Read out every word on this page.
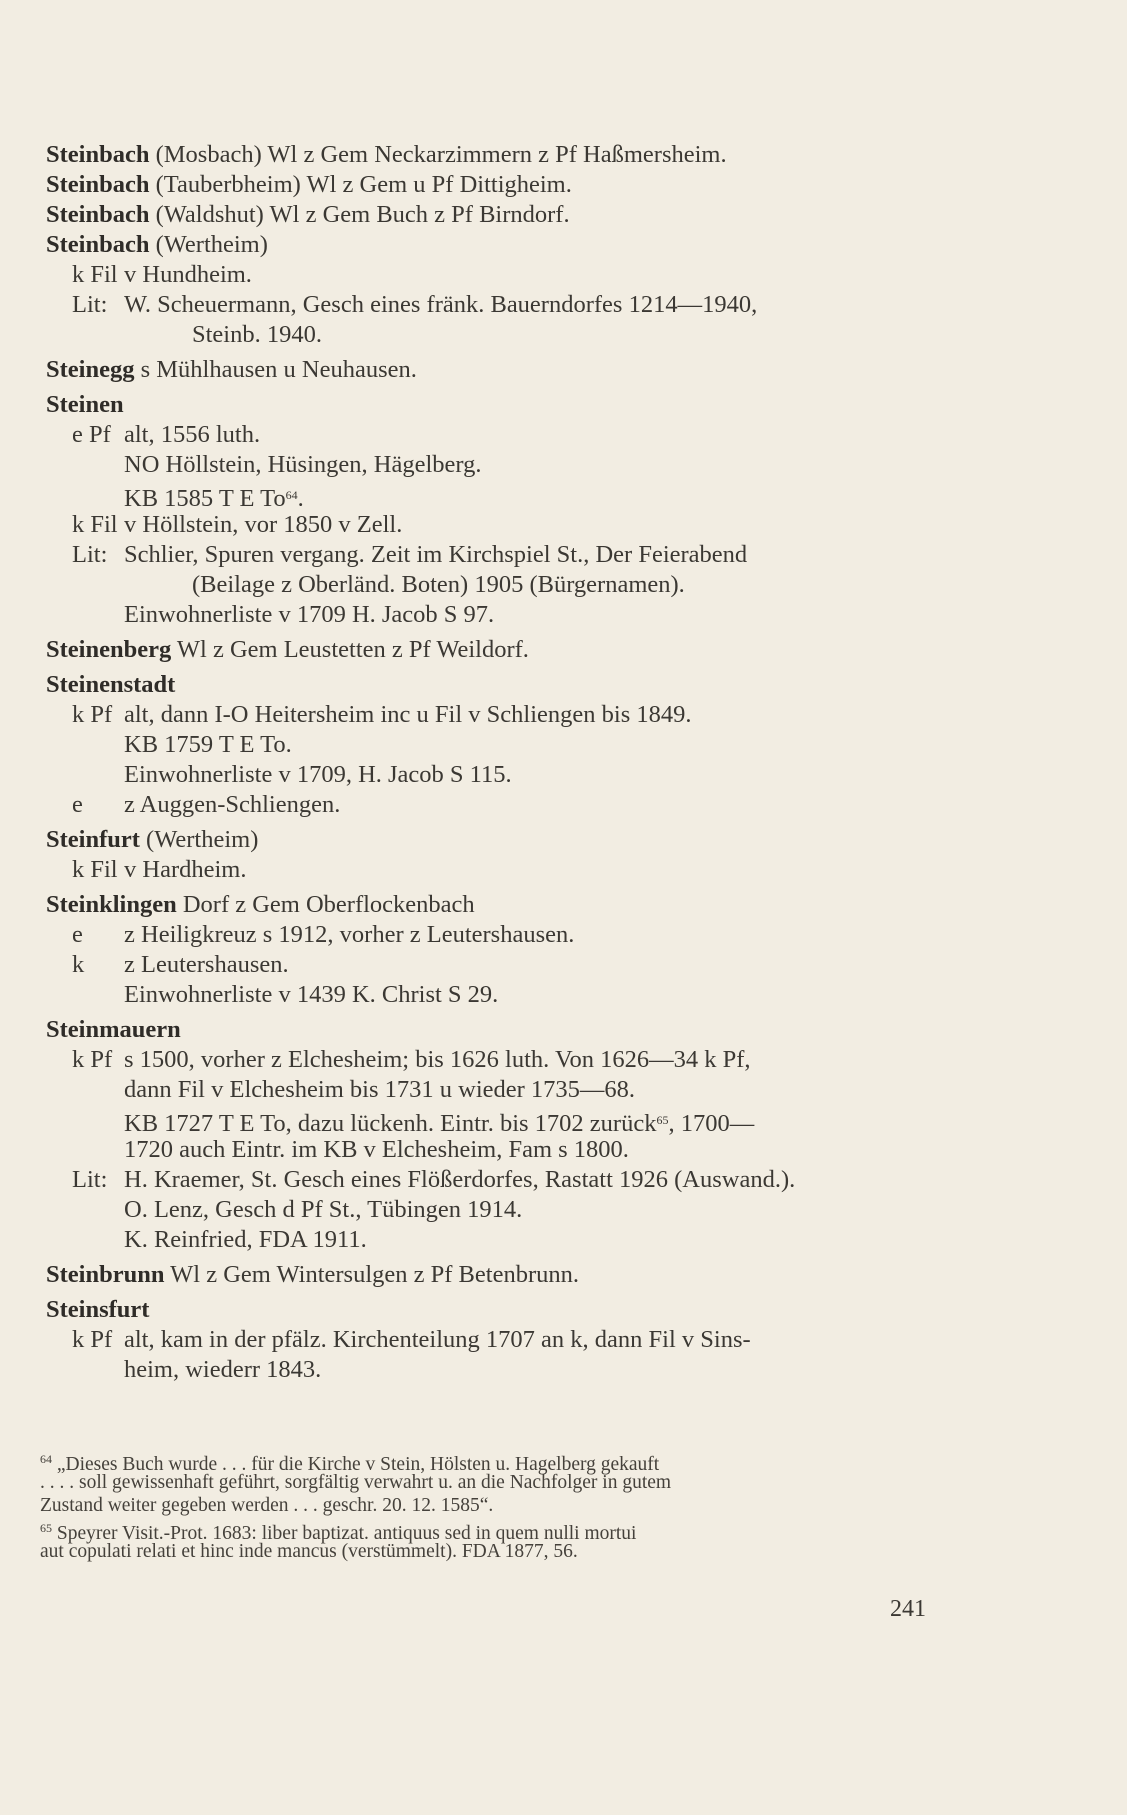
Steinbach (Mosbach) Wl z Gem Neckarzimmern z Pf Haßmersheim.
Steinbach (Tauberbheim) Wl z Gem u Pf Dittigheim.
Steinbach (Waldshut) Wl z Gem Buch z Pf Birndorf.
Steinbach (Wertheim)
k Fil v Hundheim.
Lit: W. Scheuermann, Gesch eines fränk. Bauerndorfes 1214—1940,
Steinb. 1940.
Steinegg s Mühlhausen u Neuhausen.
Steinen
e Pf alt, 1556 luth.
NO Höllstein, Hüsingen, Hägelberg.
KB 1585 T E To$^{64}$.
k Fil v Höllstein, vor 1850 v Zell.
Lit: Schlier, Spuren vergang. Zeit im Kirchspiel St., Der Feierabend
(Beilage z Oberländ. Boten) 1905 (Bürgernamen).
Einwohnerliste v 1709 H. Jacob S 97.
Steinenberg Wl z Gem Leustetten z Pf Weildorf.
Steinenstadt
k Pf alt, dann I-O Heitersheim inc u Fil v Schliengen bis 1849.
KB 1759 T E To.
Einwohnerliste v 1709, H. Jacob S 115.
e z Auggen-Schliengen.
Steinfurt (Wertheim)
k Fil v Hardheim.
Steinklingen Dorf z Gem Oberflockenbach
e z Heiligkreuz s 1912, vorher z Leutershausen.
k z Leutershausen.
Einwohnerliste v 1439 K. Christ S 29.
Steinmauern
k Pf s 1500, vorher z Elchesheim; bis 1626 luth. Von 1626—34 k Pf,
dann Fil v Elchesheim bis 1731 u wieder 1735—68.
KB 1727 T E To, dazu lückenh. Eintr. bis 1702 zurück$^{65}$, 1700—
1720 auch Eintr. im KB v Elchesheim, Fam s 1800.
Lit: H. Kraemer, St. Gesch eines Flößerdorfes, Rastatt 1926 (Auswand.).
O. Lenz, Gesch d Pf St., Tübingen 1914.
K. Reinfried, FDA 1911.
Steinbrunn Wl z Gem Wintersulgen z Pf Betenbrunn.
Steinsfurt
k Pf alt, kam in der pfälz. Kirchenteilung 1707 an k, dann Fil v Sins-
heim, wiederr 1843.
$^{64}$ „Dieses Buch wurde . . . für die Kirche v Stein, Hölsten u. Hagelberg gekauft
. . . . soll gewissenhaft geführt, sorgfältig verwahrt u. an die Nachfolger in gutem
Zustand weiter gegeben werden . . . geschr. 20. 12. 1585“.
$^{65}$ Speyrer Visit.-Prot. 1683: liber baptizat. antiquus sed in quem nulli mortui
aut copulati relati et hinc inde mancus (verstümmelt). FDA 1877, 56.
241
